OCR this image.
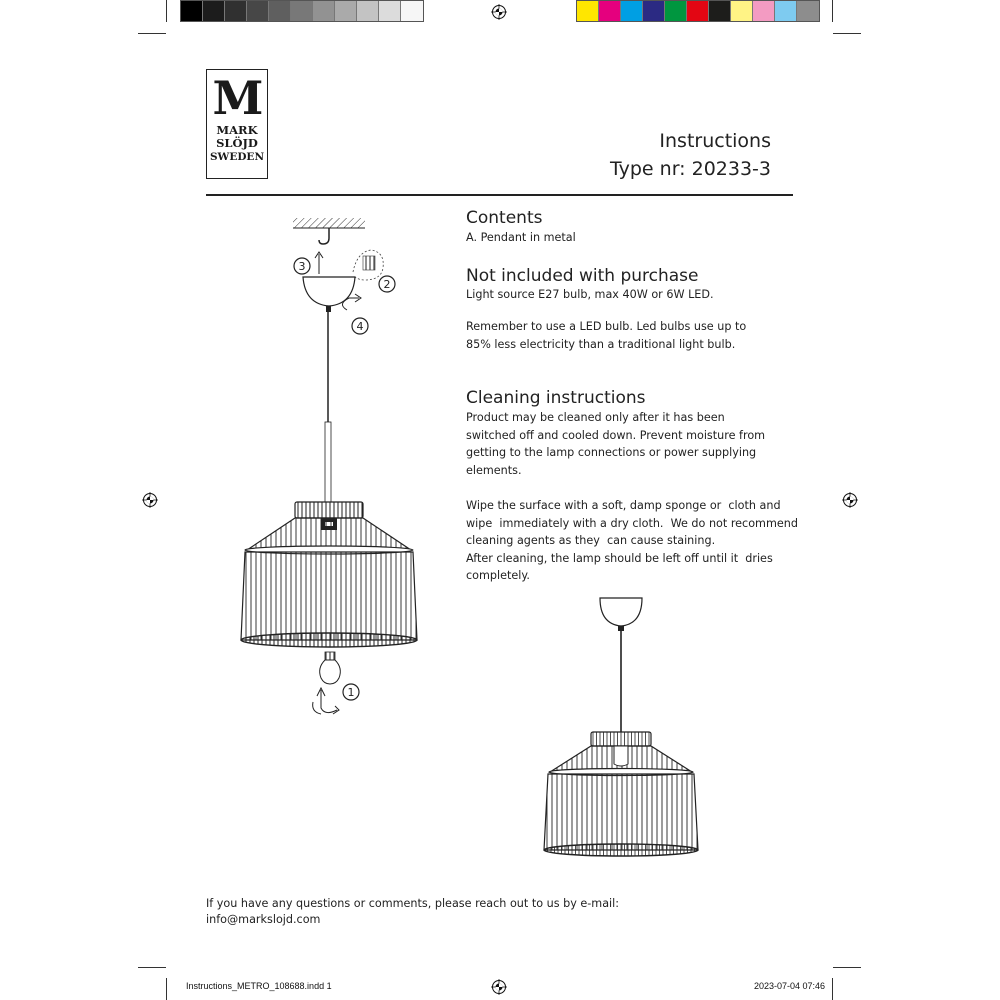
M
MARK
SLÖJD
SWEDEN
Instructions
Type nr: 20233-3
Contents

A. Pendant in metal

Not included with purchase

Light source E27 bulb, max 40W or 6W LED.

Remember to use a LED bulb. Led bulbs use up to
85% less electricity than a traditional light bulb.

Cleaning instructions

Product may be cleaned only after it has been
switched off and cooled down. Prevent moisture from
getting to the lamp connections or power supplying
elements.

Wipe the surface with a soft, damp sponge or  cloth and
wipe  immediately with a dry cloth.  We do not recommend
cleaning agents as they  can cause staining.
After cleaning, the lamp should be left off until it  dries
completely.

1
2
3
4
If you have any questions or comments, please reach out to us by e-mail:
info@markslojd.com
Instructions_METRO_108688.indd 1	2023-07-04 07:46
